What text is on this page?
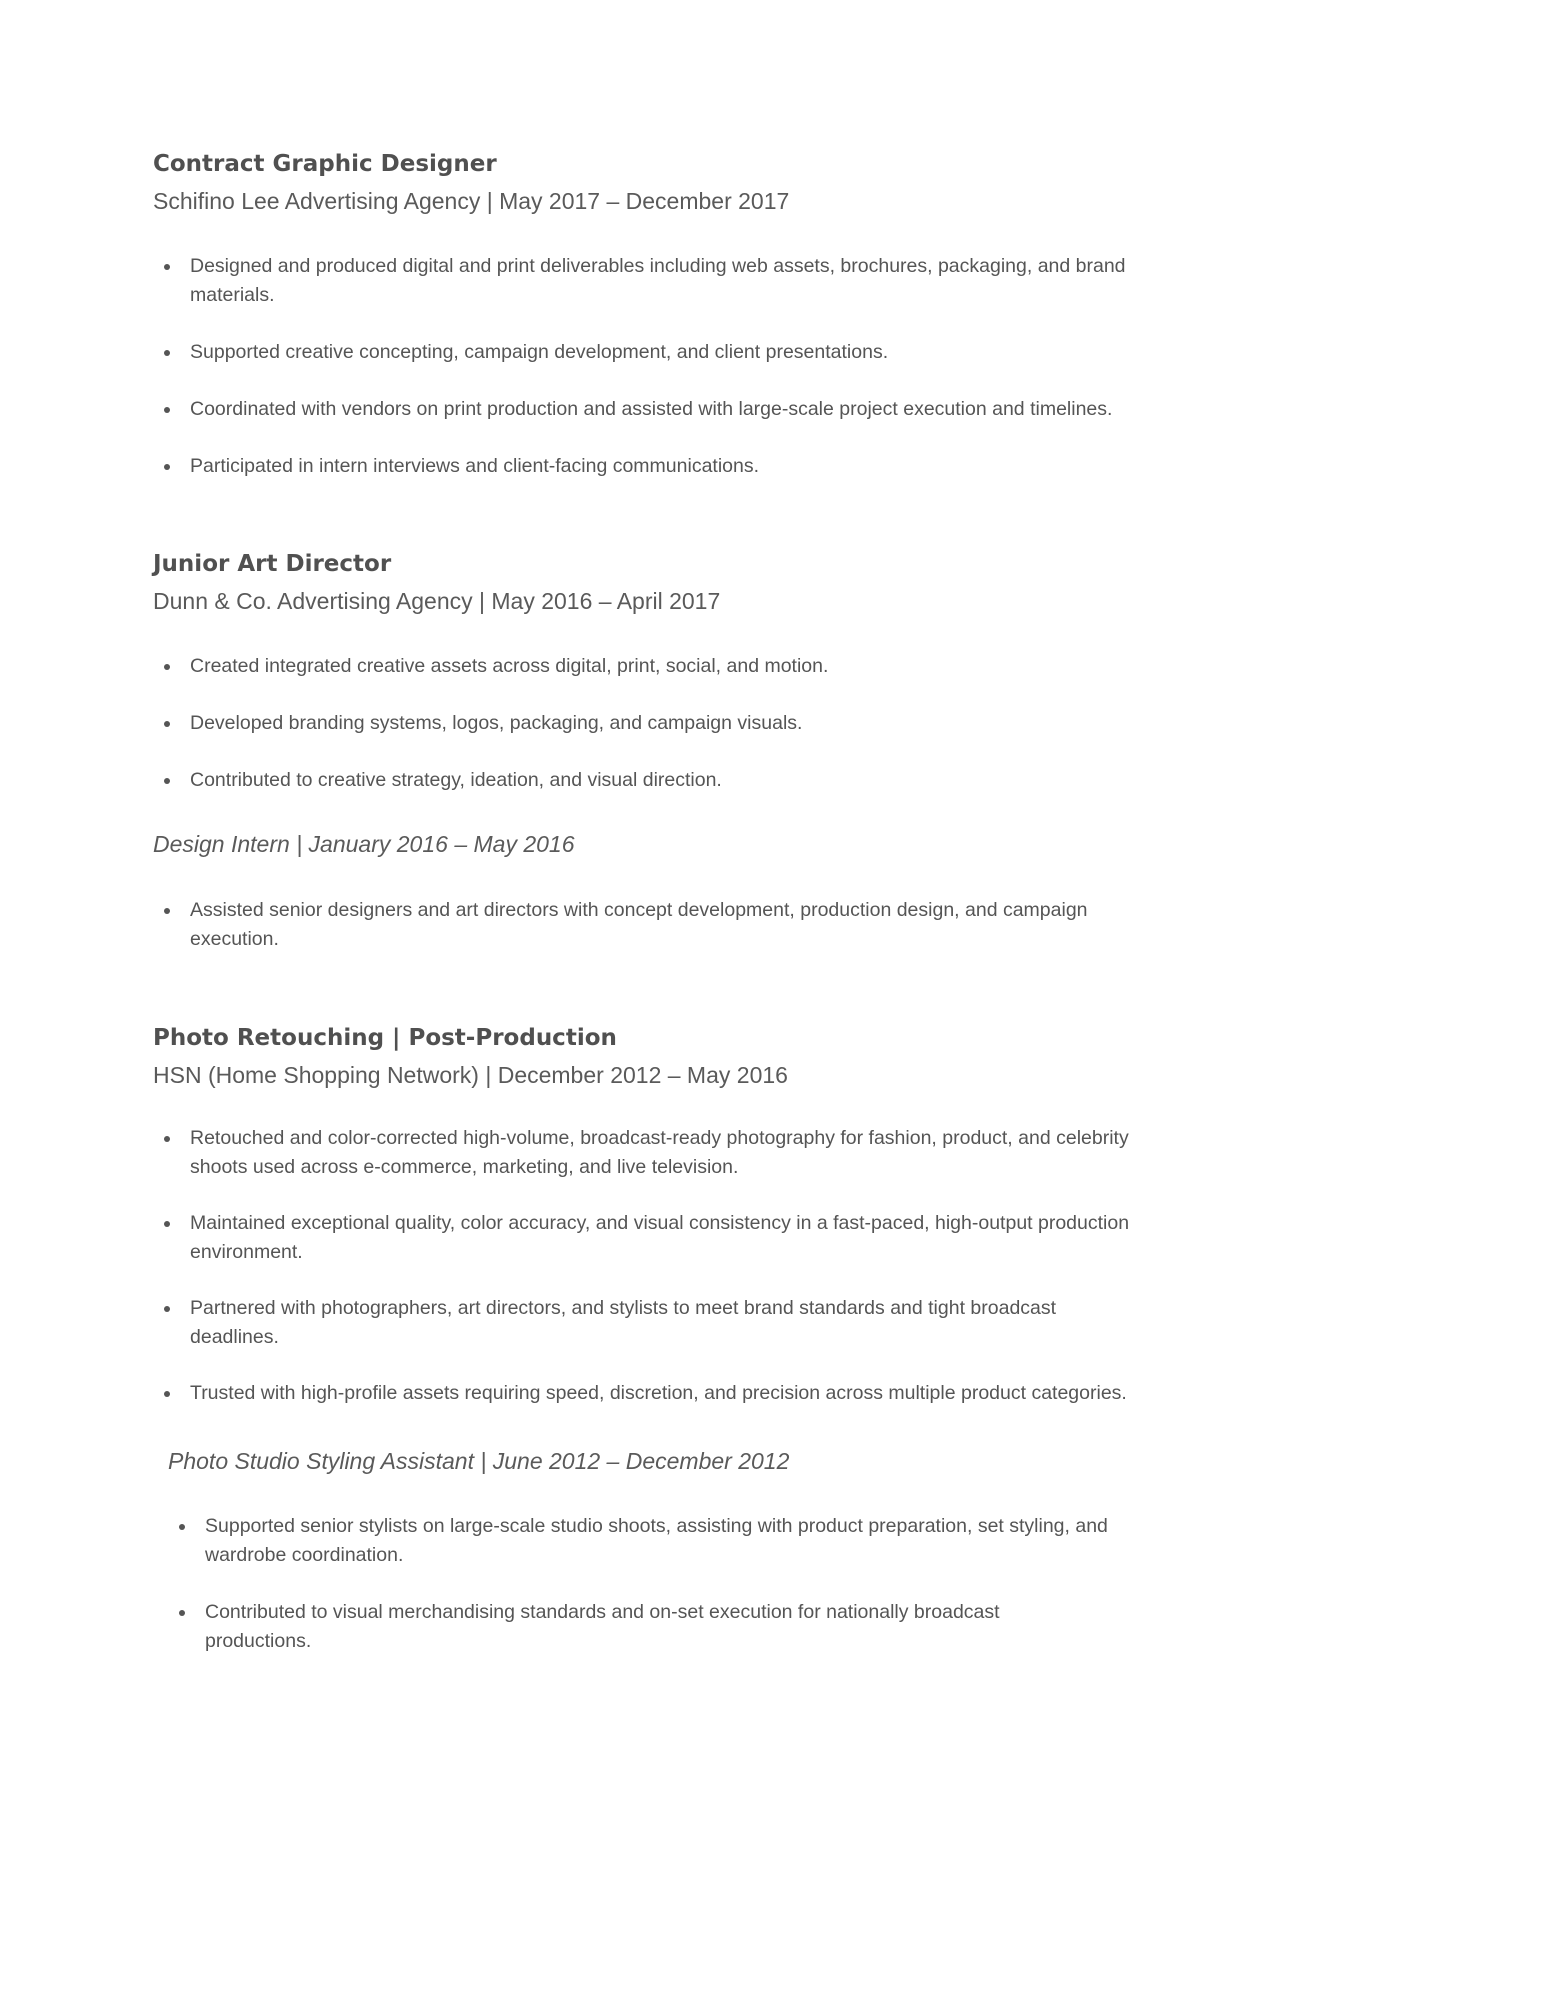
Contract Graphic Designer

Schifino Lee Advertising Agency | May 2017 – December 2017

Designed and produced digital and print deliverables including web assets, brochures, packaging, and brand materials.
Supported creative concepting, campaign development, and client presentations.
Coordinated with vendors on print production and assisted with large-scale project execution and timelines.
Participated in intern interviews and client-facing communications.
Junior Art Director

Dunn & Co. Advertising Agency | May 2016 – April 2017

Created integrated creative assets across digital, print, social, and motion.
Developed branding systems, logos, packaging, and campaign visuals.
Contributed to creative strategy, ideation, and visual direction.

Design Intern | January 2016 – May 2016

Assisted senior designers and art directors with concept development, production design, and campaign execution.
Photo Retouching | Post-Production

HSN (Home Shopping Network) | December 2012 – May 2016

Retouched and color-corrected high-volume, broadcast-ready photography for fashion, product, and celebrity shoots used across e-commerce, marketing, and live television.
Maintained exceptional quality, color accuracy, and visual consistency in a fast-paced, high-output production environment.
Partnered with photographers, art directors, and stylists to meet brand standards and tight broadcast deadlines.
Trusted with high-profile assets requiring speed, discretion, and precision across multiple product categories.

Photo Studio Styling Assistant | June 2012 – December 2012

Supported senior stylists on large-scale studio shoots, assisting with product preparation, set styling, and wardrobe coordination.
Contributed to visual merchandising standards and on-set execution for nationally broadcast productions.
